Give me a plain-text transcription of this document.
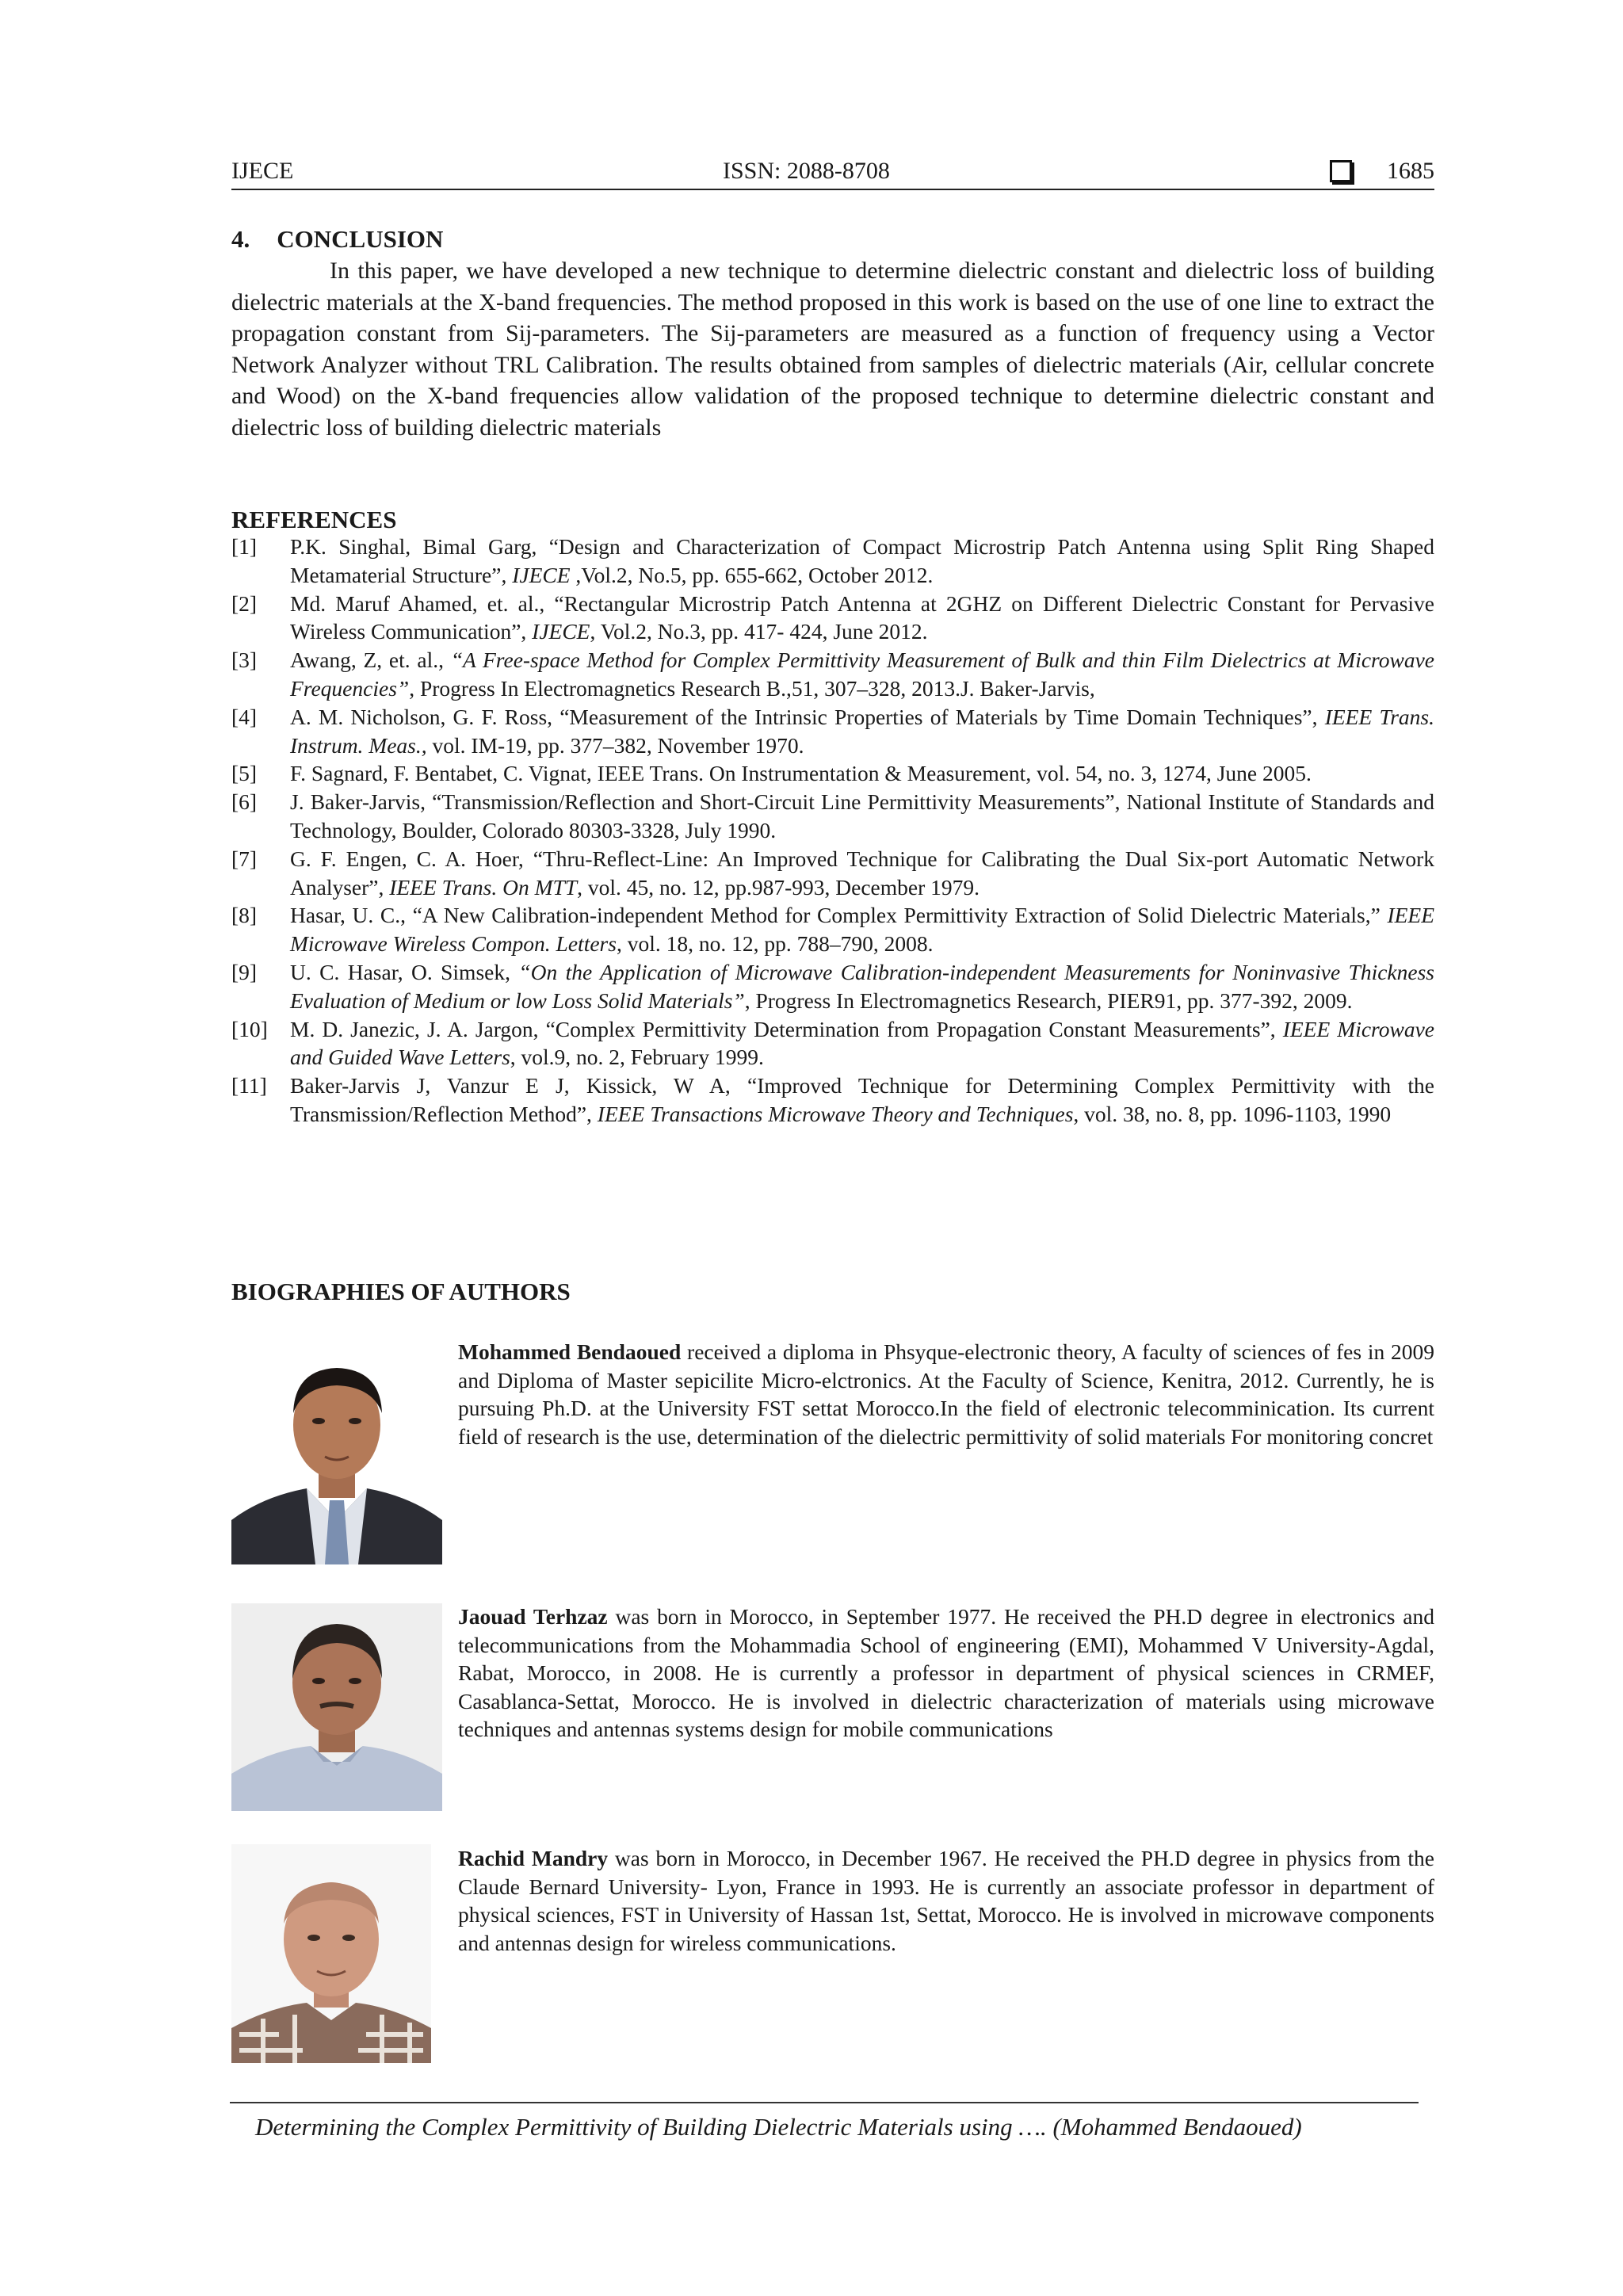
IJECE	ISSN: 2088-8708	1685
4. CONCLUSION
In this paper, we have developed a new technique to determine dielectric constant and dielectric loss of building dielectric materials at the X-band frequencies. The method proposed in this work is based on the use of one line to extract the propagation constant from Sij-parameters. The Sij-parameters are measured as a function of frequency using a Vector Network Analyzer without TRL Calibration. The results obtained from samples of dielectric materials (Air, cellular concrete and Wood) on the X-band frequencies allow validation of the proposed technique to determine dielectric constant and dielectric loss of building dielectric materials
REFERENCES
[1] P.K. Singhal, Bimal Garg, “Design and Characterization of Compact Microstrip Patch Antenna using Split Ring Shaped Metamaterial Structure”, IJECE ,Vol.2, No.5, pp. 655-662, October 2012.
[2] Md. Maruf Ahamed, et. al., “Rectangular Microstrip Patch Antenna at 2GHZ on Different Dielectric Constant for Pervasive Wireless Communication”, IJECE, Vol.2, No.3, pp. 417- 424, June 2012.
[3] Awang, Z, et. al., “A Free-space Method for Complex Permittivity Measurement of Bulk and thin Film Dielectrics at Microwave Frequencies”, Progress In Electromagnetics Research B.,51, 307–328, 2013.J. Baker-Jarvis,
[4] A. M. Nicholson, G. F. Ross, “Measurement of the Intrinsic Properties of Materials by Time Domain Techniques”, IEEE Trans. Instrum. Meas., vol. IM-19, pp. 377–382, November 1970.
[5] F. Sagnard, F. Bentabet, C. Vignat, IEEE Trans. On Instrumentation & Measurement, vol. 54, no. 3, 1274, June 2005.
[6] J. Baker-Jarvis, “Transmission/Reflection and Short-Circuit Line Permittivity Measurements”, National Institute of Standards and Technology, Boulder, Colorado 80303-3328, July 1990.
[7] G. F. Engen, C. A. Hoer, “Thru-Reflect-Line: An Improved Technique for Calibrating the Dual Six-port Automatic Network Analyser”, IEEE Trans. On MTT, vol. 45, no. 12, pp.987-993, December 1979.
[8] Hasar, U. C., “A New Calibration-independent Method for Complex Permittivity Extraction of Solid Dielectric Materials,” IEEE Microwave Wireless Compon. Letters, vol. 18, no. 12, pp. 788–790, 2008.
[9] U. C. Hasar, O. Simsek, “On the Application of Microwave Calibration-independent Measurements for Noninvasive Thickness Evaluation of Medium or low Loss Solid Materials”, Progress In Electromagnetics Research, PIER91, pp. 377-392, 2009.
[10] M. D. Janezic, J. A. Jargon, “Complex Permittivity Determination from Propagation Constant Measurements”, IEEE Microwave and Guided Wave Letters, vol.9, no. 2, February 1999.
[11] Baker-Jarvis J, Vanzur E J, Kissick, W A, “Improved Technique for Determining Complex Permittivity with the Transmission/Reflection Method”, IEEE Transactions Microwave Theory and Techniques, vol. 38, no. 8, pp. 1096-1103, 1990
BIOGRAPHIES OF AUTHORS
Mohammed Bendaoued received a diploma in Phsyque-electronic theory, A faculty of sciences of fes in 2009 and Diploma of Master sepicilite Micro-elctronics. At the Faculty of Science, Kenitra, 2012. Currently, he is pursuing Ph.D. at the University FST settat Morocco.In the field of electronic telecomminication. Its current field of research is the use, determination of the dielectric permittivity of solid materials For monitoring concret
Jaouad Terhzaz was born in Morocco, in September 1977. He received the PH.D degree in electronics and telecommunications from the Mohammadia School of engineering (EMI), Mohammed V University-Agdal, Rabat, Morocco, in 2008. He is currently a professor in department of physical sciences in CRMEF, Casablanca-Settat, Morocco. He is involved in dielectric characterization of materials using microwave techniques and antennas systems design for mobile communications
Rachid Mandry was born in Morocco, in December 1967. He received the PH.D degree in physics from the Claude Bernard University- Lyon, France in 1993. He is currently an associate professor in department of physical sciences, FST in University of Hassan 1st, Settat, Morocco. He is involved in microwave components and antennas design for wireless communications.
Determining the Complex Permittivity of Building Dielectric Materials using …. (Mohammed Bendaoued)
